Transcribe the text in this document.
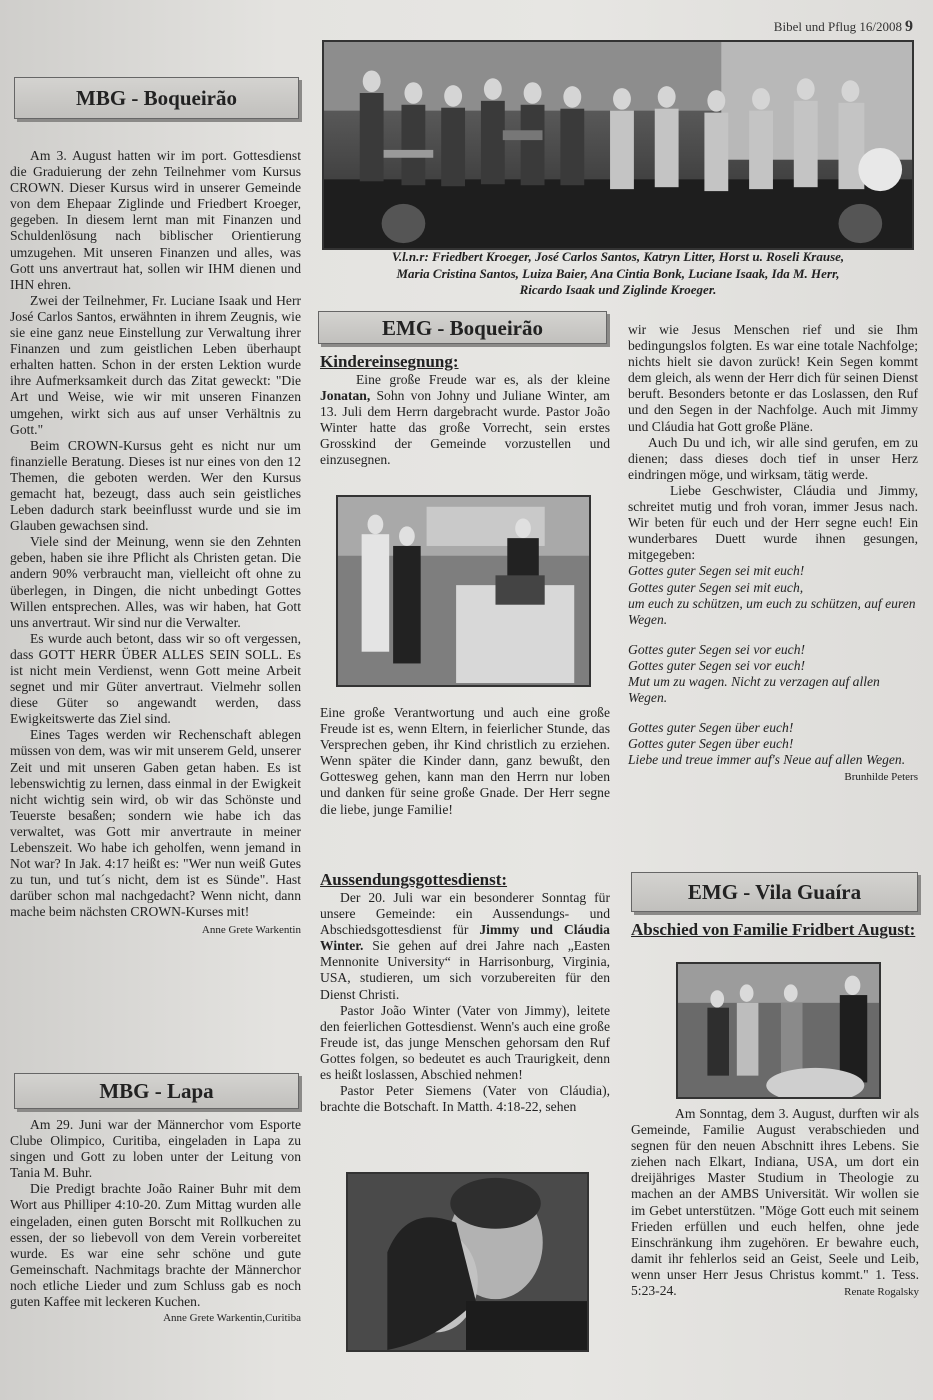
Bibel und Pflug 16/2008 9
MBG - Boqueirão

Am 3. August hatten wir im port. Gottesdienst die Graduierung der zehn Teilnehmer vom Kursus CROWN. Dieser Kursus wird in unserer Gemeinde von dem Ehepaar Ziglinde und Friedbert Kroeger, gegeben. In diesem lernt man mit Finanzen und Schuldenlösung nach biblischer Orientierung umzugehen. Mit unseren Finanzen und alles, was Gott uns anvertraut hat, sollen wir IHM dienen und IHN ehren.

Zwei der Teilnehmer, Fr. Luciane Isaak und Herr José Carlos Santos, erwähnten in ihrem Zeugnis, wie sie eine ganz neue Einstellung zur Verwaltung ihrer Finanzen und zum geistlichen Leben überhaupt erhalten hatten. Schon in der ersten Lektion wurde ihre Aufmerksamkeit durch das Zitat geweckt: "Die Art und Weise, wie wir mit unseren Finanzen umgehen, wirkt sich aus auf unser Verhältnis zu Gott."

Beim CROWN-Kursus geht es nicht nur um finanzielle Beratung. Dieses ist nur eines von den 12 Themen, die geboten werden. Wer den Kursus gemacht hat, bezeugt, dass auch sein geistliches Leben dadurch stark beeinflusst wurde und sie im Glauben gewachsen sind.

Viele sind der Meinung, wenn sie den Zehnten geben, haben sie ihre Pflicht als Christen getan. Die andern 90% verbraucht man, vielleicht oft ohne zu überlegen, in Dingen, die nicht unbedingt Gottes Willen entsprechen. Alles, was wir haben, hat Gott uns anvertraut. Wir sind nur die Verwalter.

Es wurde auch betont, dass wir so oft vergessen, dass GOTT HERR ÜBER ALLES SEIN SOLL. Es ist nicht mein Verdienst, wenn Gott meine Arbeit segnet und mir Güter anvertraut. Vielmehr sollen diese Güter so angewandt werden, dass Ewigkeitswerte das Ziel sind.

Eines Tages werden wir Rechenschaft ablegen müssen von dem, was wir mit unserem Geld, unserer Zeit und mit unseren Gaben getan haben. Es ist lebenswichtig zu lernen, dass einmal in der Ewigkeit nicht wichtig sein wird, ob wir das Schönste und Teuerste besaßen; sondern wie habe ich das verwaltet, was Gott mir anvertraute in meiner Lebenszeit. Wo habe ich geholfen, wenn jemand in Not war? In Jak. 4:17 heißt es: "Wer nun weiß Gutes zu tun, und tut´s nicht, dem ist es Sünde". Hast darüber schon mal nachgedacht? Wenn nicht, dann mache beim nächsten CROWN-Kurses mit!

Anne Grete Warkentin

MBG - Lapa

Am 29. Juni war der Männerchor vom Esporte Clube Olimpico, Curitiba, eingeladen in Lapa zu singen und Gott zu loben unter der Leitung von Tania M. Buhr.

Die Predigt brachte João Rainer Buhr mit dem Wort aus Philliper 4:10-20. Zum Mittag wurden alle eingeladen, einen guten Borscht mit Rollkuchen zu essen, der so liebevoll von dem Verein vorbereitet wurde. Es war eine sehr schöne und gute Gemeinschaft. Nachmitags brachte der Männerchor noch etliche Lieder und zum Schluss gab es noch guten Kaffee mit leckeren Kuchen.

Anne Grete Warkentin,Curitiba

V.l.n.r: Friedbert Kroeger, José Carlos Santos, Katryn Litter, Horst u. Roseli Krause,
Maria Cristina Santos, Luiza Baier, Ana Cintia Bonk, Luciane Isaak, Ida M. Herr,
Ricardo Isaak und Ziglinde Kroeger.
EMG - Boqueirão

Kindereinsegnung:

Eine große Freude war es, als der kleine Jonatan, Sohn von Johny und Juliane Winter, am 13. Juli dem Herrn dargebracht wurde. Pastor João Winter hatte das große Vorrecht, sein erstes Grosskind der Gemeinde vorzustellen und einzusegnen.

Eine große Verantwortung und auch eine große Freude ist es, wenn Eltern, in feierlicher Stunde, das Versprechen geben, ihr Kind christlich zu erziehen. Wenn später die Kinder dann, ganz bewußt, den Gottesweg gehen, kann man den Herrn nur loben und danken für seine große Gnade. Der Herr segne die liebe, junge Familie!

Aussendungsgottesdienst:

Der 20. Juli war ein besonderer Sonntag für unsere Gemeinde: ein Aussendungs- und Abschiedsgottesdienst für Jimmy und Cláudia Winter. Sie gehen auf drei Jahre nach „Easten Mennonite University“ in Harrisonburg, Virginia, USA, studieren, um sich vorzubereiten für den Dienst Christi.

Pastor João Winter (Vater von Jimmy), leitete den feierlichen Gottesdienst. Wenn's auch eine große Freude ist, das junge Menschen gehorsam den Ruf Gottes folgen, so bedeutet es auch Traurigkeit, denn es heißt loslassen, Abschied nehmen!

Pastor Peter Siemens (Vater von Cláudia), brachte die Botschaft. In Matth. 4:18-22, sehen

wir wie Jesus Menschen rief und sie Ihm bedingungslos folgten. Es war eine totale Nachfolge; nichts hielt sie davon zurück! Kein Segen kommt dem gleich, als wenn der Herr dich für seinen Dienst beruft. Besonders betonte er das Loslassen, den Ruf und den Segen in der Nachfolge. Auch mit Jimmy und Cláudia hat Gott große Pläne.

Auch Du und ich, wir alle sind gerufen, em zu dienen; dass dieses doch tief in unser Herz eindringen möge, und wirksam, tätig werde.

Liebe Geschwister, Cláudia und Jimmy, schreitet mutig und froh voran, immer Jesus nach. Wir beten für euch und der Herr segne euch! Ein wunderbares Duett wurde ihnen gesungen, mitgegeben:

Gottes guter Segen sei mit euch!

Gottes guter Segen sei mit euch,

um euch zu schützen, um euch zu schützen, auf euren Wegen.

Gottes guter Segen sei vor euch!

Gottes guter Segen sei vor euch!

Mut um zu wagen. Nicht zu verzagen auf allen Wegen.

Gottes guter Segen über euch!

Gottes guter Segen über euch!

Liebe und treue immer auf's Neue auf allen Wegen.

Brunhilde Peters

EMG - Vila Guaíra

Abschied von Familie Fridbert August:

Am Sonntag, dem 3. August, durften wir als Gemeinde, Familie August verabschieden und segnen für den neuen Abschnitt ihres Lebens. Sie ziehen nach Elkart, Indiana, USA, um dort ein dreijähriges Master Studium in Theologie zu machen an der AMBS Universität. Wir wollen sie im Gebet unterstützen. "Möge Gott euch mit seinem Frieden erfüllen und euch helfen, ohne jede Einschränkung ihm zugehören. Er bewahre euch, damit ihr fehlerlos seid an Geist, Seele und Leib, wenn unser Herr Jesus Christus kommt." 1. Tess. 5:23-24.	Renate Rogalsky
